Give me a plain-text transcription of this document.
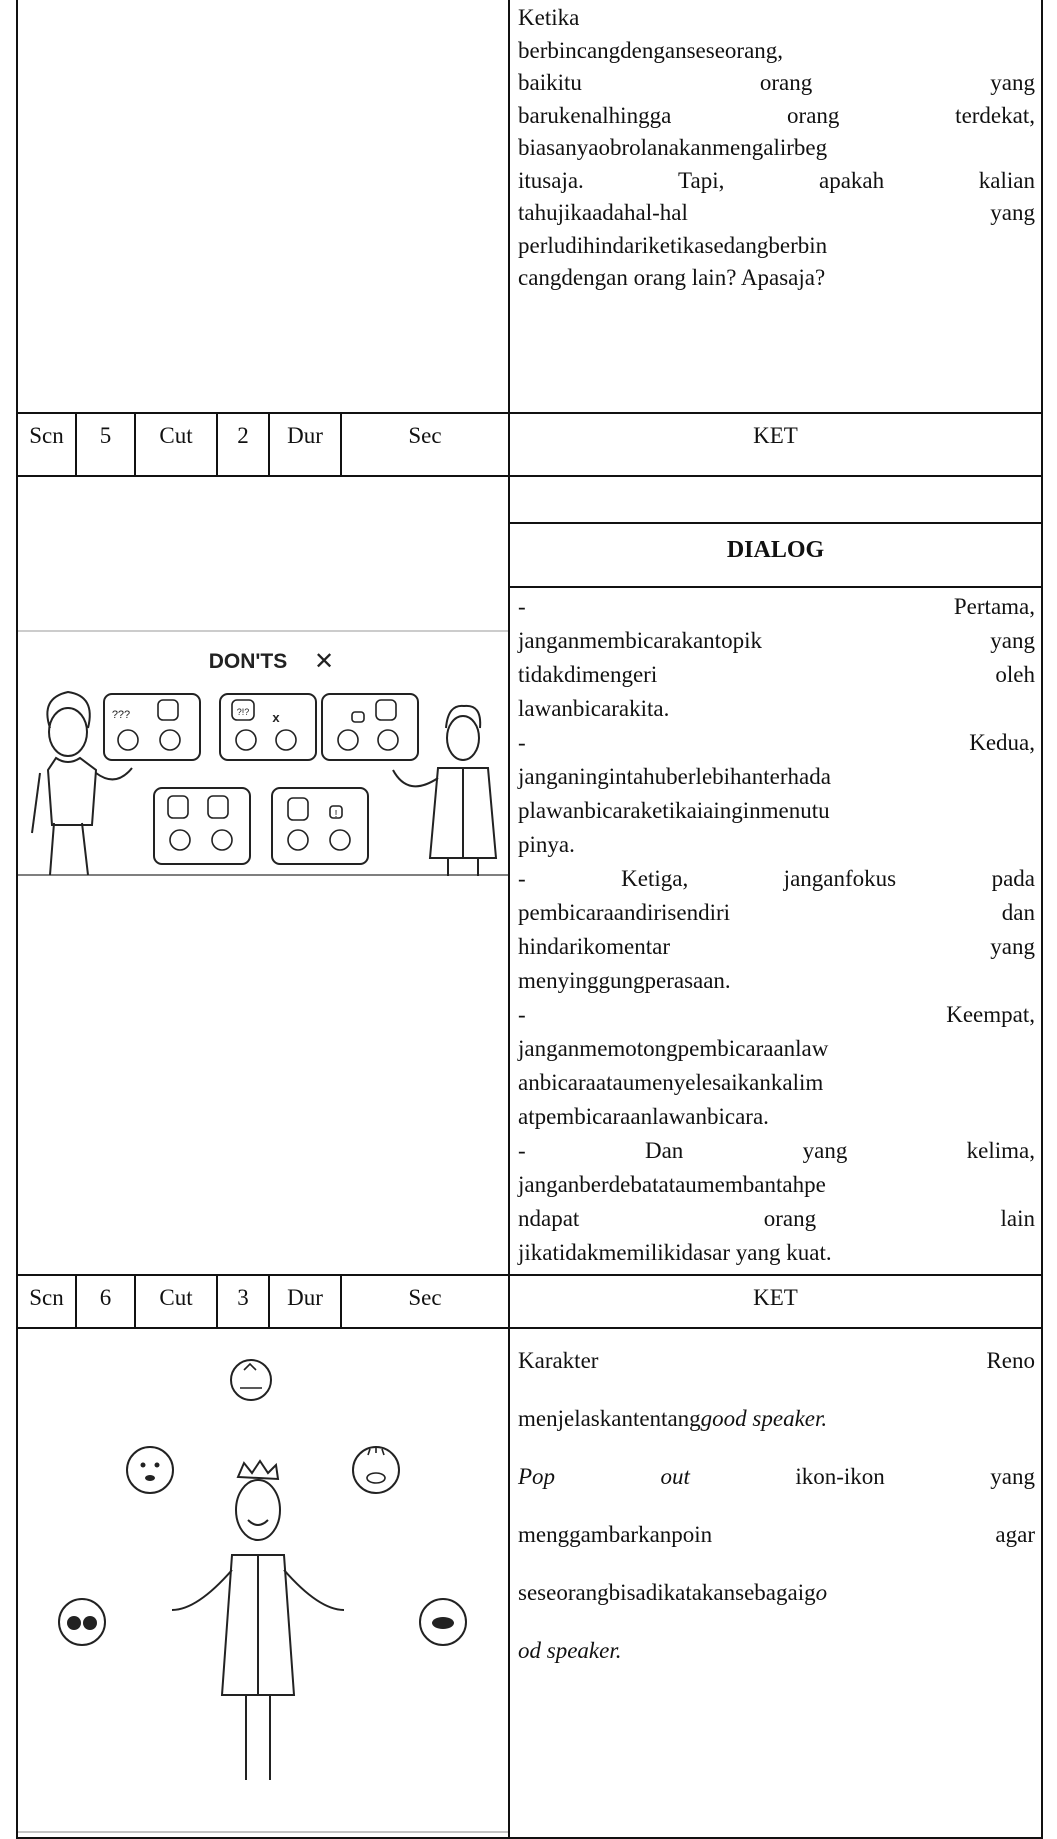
Ketika
berbincangdenganseseorang,
baikitu orang yang
barukenalhingga orang terdekat,
biasanyaobrolanakanmengalirbeg
itusaja. Tapi, apakah kalian
tahujikaadahal-hal yang
perludihindariketikasedangberbin
cangdengan orang lain? Apasaja?
Scn	5	Cut	2	Dur	Sec	KET
DIALOG
- Pertama,
janganmembicarakantopik yang
tidakdimengeri oleh
lawanbicarakita.
- Kedua,
janganingintahuberlebihanterhada
plawanbicaraketikaiainginmenutu
pinya.
- Ketiga, janganfokus pada
pembicaraandirisendiri dan
hindarikomentar yang
menyinggungperasaan.
- Keempat,
janganmemotongpembicaraanlaw
anbicaraataumenyelesaikankalim
atpembicaraanlawanbicara.
- Dan yang kelima,
janganberdebatataumembantahpe
ndapat orang lain
jikatidakmemilikidasar yang kuat.
DON'TS ✕
???	?!? x
!
Scn	6	Cut	3	Dur	Sec	KET
Karakter	Reno
menjelaskantentanggood speaker.
Pop	out	ikon-ikon	yang
menggambarkanpoin	agar
seseorangbisadikatakansebagaigo
od speaker.
